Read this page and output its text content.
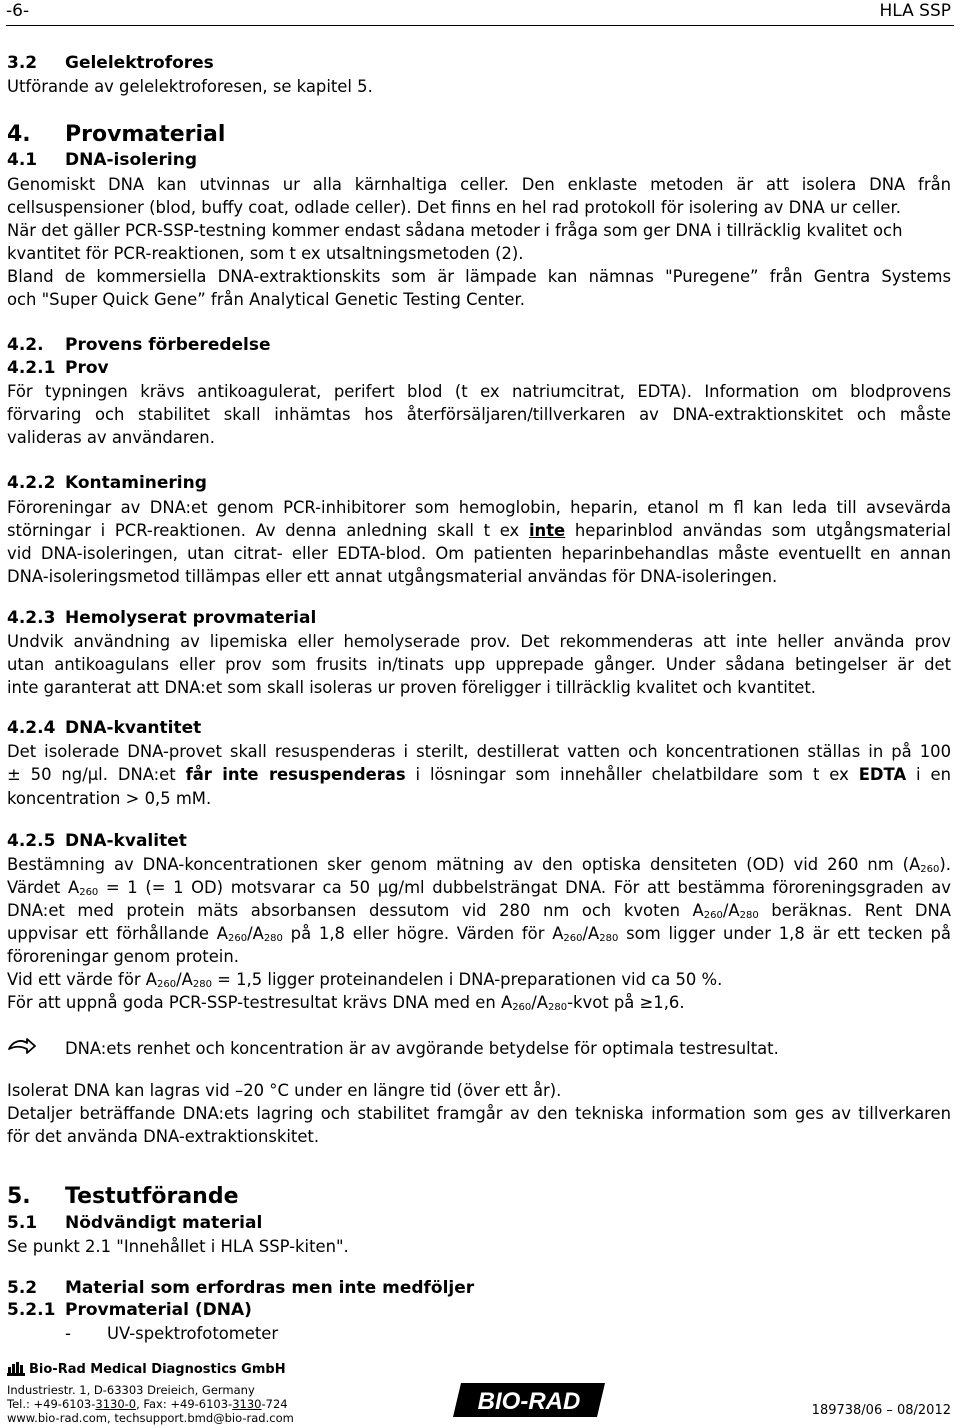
-6-	HLA SSP
3.2 Gelelektrofores
Utförande av gelelektroforesen, se kapitel 5.
4. Provmaterial
4.1 DNA-isolering
Genomiskt DNA kan utvinnas ur alla kärnhaltiga celler. Den enklaste metoden är att isolera DNA från
cellsuspensioner (blod, buffy coat, odlade celler). Det finns en hel rad protokoll för isolering av DNA ur celler.
När det gäller PCR-SSP-testning kommer endast sådana metoder i fråga som ger DNA i tillräcklig kvalitet och
kvantitet för PCR-reaktionen, som t ex utsaltningsmetoden (2).
Bland de kommersiella DNA-extraktionskits som är lämpade kan nämnas "Puregene” från Gentra Systems
och "Super Quick Gene” från Analytical Genetic Testing Center.
4.2. Provens förberedelse
4.2.1 Prov
För typningen krävs antikoagulerat, perifert blod (t ex natriumcitrat, EDTA). Information om blodprovens
förvaring och stabilitet skall inhämtas hos återförsäljaren/tillverkaren av DNA-extraktionskitet och måste
valideras av användaren.
4.2.2 Kontaminering
Föroreningar av DNA:et genom PCR-inhibitorer som hemoglobin, heparin, etanol m fl kan leda till avsevärda
störningar i PCR-reaktionen. Av denna anledning skall t ex inte heparinblod användas som utgångsmaterial
vid DNA-isoleringen, utan citrat- eller EDTA-blod. Om patienten heparinbehandlas måste eventuellt en annan
DNA-isoleringsmetod tillämpas eller ett annat utgångsmaterial användas för DNA-isoleringen.
4.2.3 Hemolyserat provmaterial
Undvik användning av lipemiska eller hemolyserade prov. Det rekommenderas att inte heller använda prov
utan antikoagulans eller prov som frusits in/tinats upp upprepade gånger. Under sådana betingelser är det
inte garanterat att DNA:et som skall isoleras ur proven föreligger i tillräcklig kvalitet och kvantitet.
4.2.4 DNA-kvantitet
Det isolerade DNA-provet skall resuspenderas i sterilt, destillerat vatten och koncentrationen ställas in på 100
± 50 ng/µl. DNA:et får inte resuspenderas i lösningar som innehåller chelatbildare som t ex EDTA i en
koncentration > 0,5 mM.
4.2.5 DNA-kvalitet
Bestämning av DNA-koncentrationen sker genom mätning av den optiska densiteten (OD) vid 260 nm $(A_{260})$.
Värdet $A_{260} = 1$ (= 1 OD) motsvarar ca 50 µg/ml dubbelsträngat DNA. För att bestämma föroreningsgraden av
DNA:et med protein mäts absorbansen dessutom vid 280 nm och kvoten $A_{260}/A_{280}$ beräknas. Rent DNA
uppvisar ett förhållande $A_{260}/A_{280}$ på 1,8 eller högre. Värden för $A_{260}/A_{280}$ som ligger under 1,8 är ett tecken på
föroreningar genom protein.
Vid ett värde för $A_{260}/A_{280} = 1,5$ ligger proteinandelen i DNA-preparationen vid ca 50 %.
För att uppnå goda PCR-SSP-testresultat krävs DNA med en $A_{260}/A_{280}$-kvot på ≥1,6.
DNA:ets renhet och koncentration är av avgörande betydelse för optimala testresultat.
Isolerat DNA kan lagras vid –20 °C under en längre tid (över ett år).
Detaljer beträffande DNA:ets lagring och stabilitet framgår av den tekniska information som ges av tillverkaren
för det använda DNA-extraktionskitet.
5. Testutförande
5.1 Nödvändigt material
Se punkt 2.1 "Innehållet i HLA SSP-kiten".
5.2 Material som erfordras men inte medföljer
5.2.1 Provmaterial (DNA)
- UV-spektrofotometer
Bio-Rad Medical Diagnostics GmbH
Industriestr. 1, D-63303 Dreieich, Germany
Tel.: +49-6103-3130-0, Fax: +49-6103-3130-724
www.bio-rad.com, techsupport.bmd@bio-rad.com
BIO-RAD	189738/06 – 08/2012
